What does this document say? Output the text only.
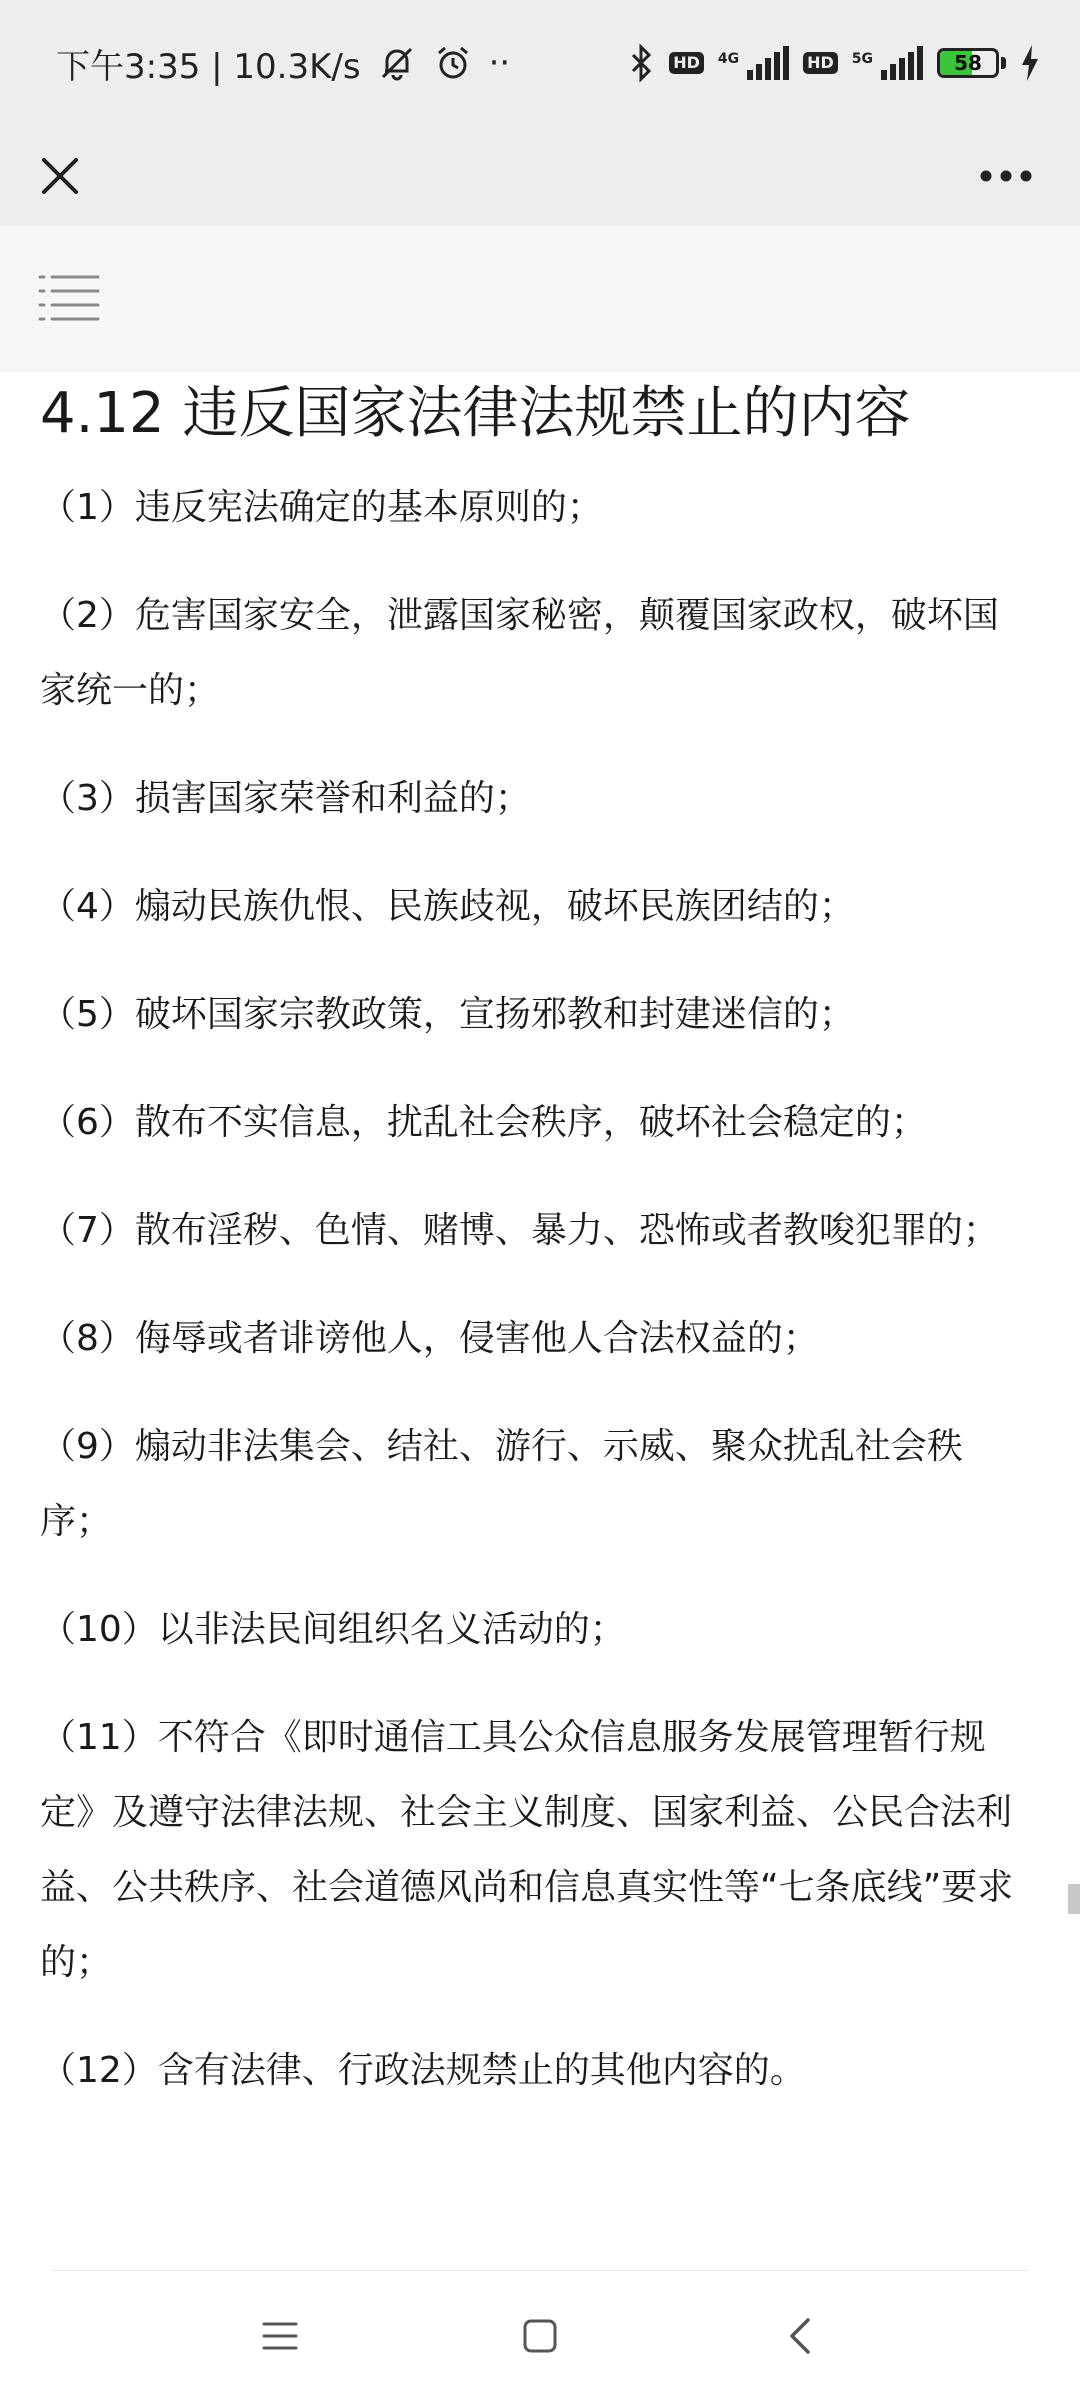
下午3:35 | 10.3K/s	··	HD 4G	HD 5G	58
4.12 违反国家法律法规禁止的内容

（1）违反宪法确定的基本原则的；

（2）危害国家安全，泄露国家秘密，颠覆国家政权，破坏国家统一的；

（3）损害国家荣誉和利益的；

（4）煽动民族仇恨、民族歧视，破坏民族团结的；

（5）破坏国家宗教政策，宣扬邪教和封建迷信的；

（6）散布不实信息，扰乱社会秩序，破坏社会稳定的；

（7）散布淫秽、色情、赌博、暴力、恐怖或者教唆犯罪的；

（8）侮辱或者诽谤他人，侵害他人合法权益的；

（9）煽动非法集会、结社、游行、示威、聚众扰乱社会秩序；

（10）以非法民间组织名义活动的；

（11）不符合《即时通信工具公众信息服务发展管理暂行规定》及遵守法律法规、社会主义制度、国家利益、公民合法利益、公共秩序、社会道德风尚和信息真实性等“七条底线”要求的；

（12）含有法律、行政法规禁止的其他内容的。
